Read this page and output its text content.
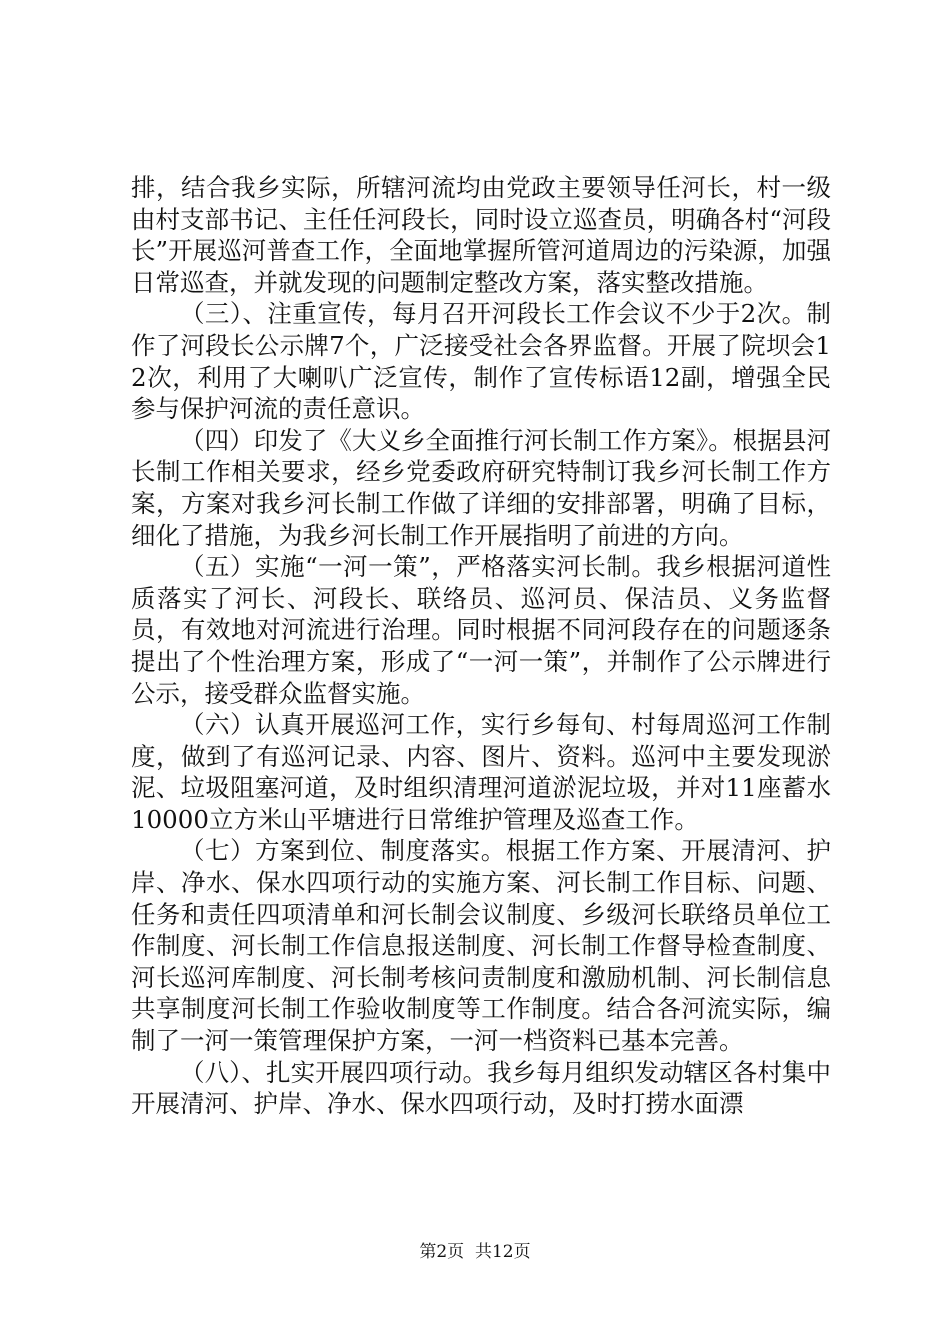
排，结合我乡实际，所辖河流均由党政主要领导任河长，村一级由村支部书记、主任任河段长，同时设立巡查员，明确各村“河段长”开展巡河普查工作，全面地掌握所管河道周边的污染源，加强日常巡查，并就发现的问题制定整改方案，落实整改措施。

（三）、注重宣传，每月召开河段长工作会议不少于2次。制作了河段长公示牌7个，广泛接受社会各界监督。开展了院坝会12次，利用了大喇叭广泛宣传，制作了宣传标语12副，增强全民参与保护河流的责任意识。

（四）印发了《大义乡全面推行河长制工作方案》。根据县河长制工作相关要求，经乡党委政府研究特制订我乡河长制工作方案，方案对我乡河长制工作做了详细的安排部署，明确了目标，细化了措施，为我乡河长制工作开展指明了前进的方向。

（五）实施“一河一策”，严格落实河长制。我乡根据河道性质落实了河长、河段长、联络员、巡河员、保洁员、义务监督员，有效地对河流进行治理。同时根据不同河段存在的问题逐条提出了个性治理方案，形成了“一河一策”，并制作了公示牌进行公示，接受群众监督实施。

（六）认真开展巡河工作，实行乡每旬、村每周巡河工作制度，做到了有巡河记录、内容、图片、资料。巡河中主要发现淤泥、垃圾阻塞河道，及时组织清理河道淤泥垃圾，并对11座蓄水10000立方米山平塘进行日常维护管理及巡查工作。

（七）方案到位、制度落实。根据工作方案、开展清河、护岸、净水、保水四项行动的实施方案、河长制工作目标、问题、任务和责任四项清单和河长制会议制度、乡级河长联络员单位工作制度、河长制工作信息报送制度、河长制工作督导检查制度、河长巡河库制度、河长制考核问责制度和激励机制、河长制信息共享制度河长制工作验收制度等工作制度。结合各河流实际，编制了一河一策管理保护方案，一河一档资料已基本完善。

（八）、扎实开展四项行动。我乡每月组织发动辖区各村集中开展清河、护岸、净水、保水四项行动，及时打捞水面漂

第2页  共12页
